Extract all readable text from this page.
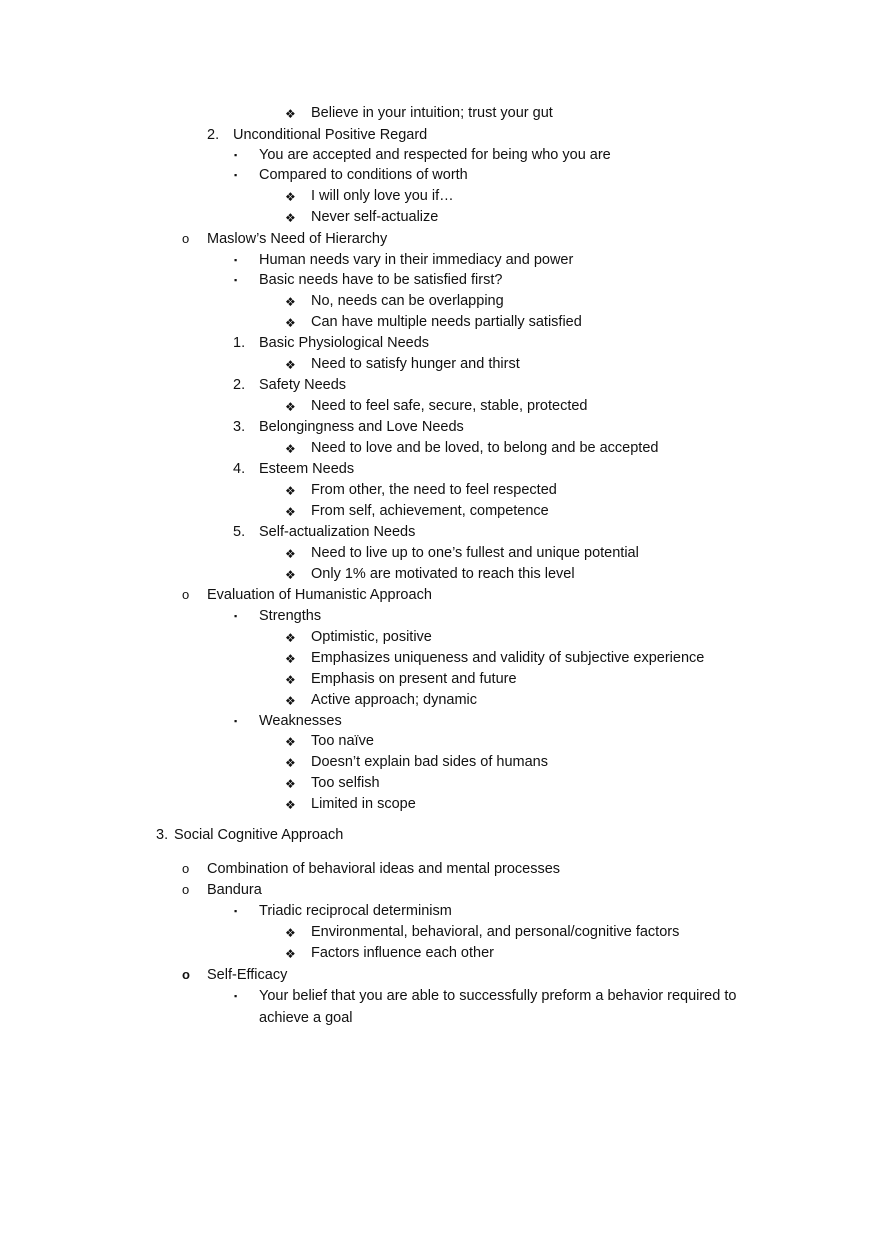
❖ Believe in your intuition; trust your gut
2. Unconditional Positive Regard
▪ You are accepted and respected for being who you are
▪ Compared to conditions of worth
❖ I will only love you if…
❖ Never self-actualize
o Maslow’s Need of Hierarchy
▪ Human needs vary in their immediacy and power
▪ Basic needs have to be satisfied first?
❖ No, needs can be overlapping
❖ Can have multiple needs partially satisfied
1. Basic Physiological Needs
❖ Need to satisfy hunger and thirst
2. Safety Needs
❖ Need to feel safe, secure, stable, protected
3. Belongingness and Love Needs
❖ Need to love and be loved, to belong and be accepted
4. Esteem Needs
❖ From other, the need to feel respected
❖ From self, achievement, competence
5. Self-actualization Needs
❖ Need to live up to one’s fullest and unique potential
❖ Only 1% are motivated to reach this level
o Evaluation of Humanistic Approach
▪ Strengths
❖ Optimistic, positive
❖ Emphasizes uniqueness and validity of subjective experience
❖ Emphasis on present and future
❖ Active approach; dynamic
▪ Weaknesses
❖ Too naïve
❖ Doesn’t explain bad sides of humans
❖ Too selfish
❖ Limited in scope
3. Social Cognitive Approach
o Combination of behavioral ideas and mental processes
o Bandura
▪ Triadic reciprocal determinism
❖ Environmental, behavioral, and personal/cognitive factors
❖ Factors influence each other
o Self-Efficacy
▪ Your belief that you are able to successfully preform a behavior required to achieve a goal
